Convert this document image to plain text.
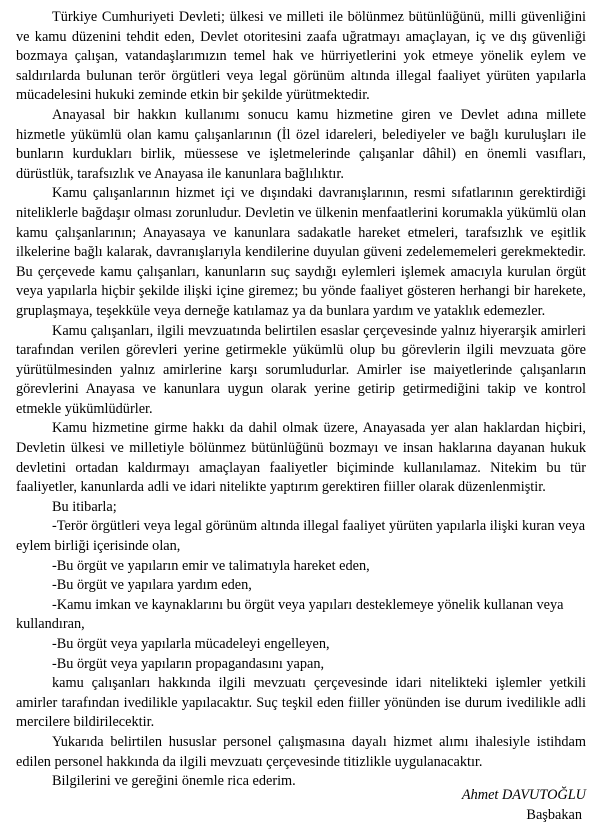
Türkiye Cumhuriyeti Devleti; ülkesi ve milleti ile bölünmez bütünlüğünü, milli güvenliğini ve kamu düzenini tehdit eden, Devlet otoritesini zaafa uğratmayı amaçlayan, iç ve dış güvenliği bozmaya çalışan, vatandaşlarımızın temel hak ve hürriyetlerini yok etmeye yönelik eylem ve saldırılarda bulunan terör örgütleri veya legal görünüm altında illegal faaliyet yürüten yapılarla mücadelesini hukuki zeminde etkin bir şekilde yürütmektedir.

Anayasal bir hakkın kullanımı sonucu kamu hizmetine giren ve Devlet adına millete hizmetle yükümlü olan kamu çalışanlarının (İl özel idareleri, belediyeler ve bağlı kuruluşları ile bunların kurdukları birlik, müessese ve işletmelerinde çalışanlar dâhil) en önemli vasıfları, dürüstlük, tarafsızlık ve Anayasa ile kanunlara bağlılıktır.

Kamu çalışanlarının hizmet içi ve dışındaki davranışlarının, resmi sıfatlarının gerektirdiği niteliklerle bağdaşır olması zorunludur. Devletin ve ülkenin menfaatlerini korumakla yükümlü olan kamu çalışanlarının; Anayasaya ve kanunlara sadakatle hareket etmeleri, tarafsızlık ve eşitlik ilkelerine bağlı kalarak, davranışlarıyla kendilerine duyulan güveni zedelememeleri gerekmektedir. Bu çerçevede kamu çalışanları, kanunların suç saydığı eylemleri işlemek amacıyla kurulan örgüt veya yapılarla hiçbir şekilde ilişki içine giremez; bu yönde faaliyet gösteren herhangi bir harekete, gruplaşmaya, teşekküle veya derneğe katılamaz ya da bunlara yardım ve yataklık edemezler.

Kamu çalışanları, ilgili mevzuatında belirtilen esaslar çerçevesinde yalnız hiyerarşik amirleri tarafından verilen görevleri yerine getirmekle yükümlü olup bu görevlerin ilgili mevzuata göre yürütülmesinden yalnız amirlerine karşı sorumludurlar. Amirler ise maiyetlerinde çalışanların görevlerini Anayasa ve kanunlara uygun olarak yerine getirip getirmediğini takip ve kontrol etmekle yükümlüdürler.

Kamu hizmetine girme hakkı da dahil olmak üzere, Anayasada yer alan haklardan hiçbiri, Devletin ülkesi ve milletiyle bölünmez bütünlüğünü bozmayı ve insan haklarına dayanan hukuk devletini ortadan kaldırmayı amaçlayan faaliyetler biçiminde kullanılamaz. Nitekim bu tür faaliyetler, kanunlarda adli ve idari nitelikte yaptırım gerektiren fiiller olarak düzenlenmiştir.

Bu itibarla;

-Terör örgütleri veya legal görünüm altında illegal faaliyet yürüten yapılarla ilişki kuran veya eylem birliği içerisinde olan,

-Bu örgüt ve yapıların emir ve talimatıyla hareket eden,

-Bu örgüt ve yapılara yardım eden,

-Kamu imkan ve kaynaklarını bu örgüt veya yapıları desteklemeye yönelik kullanan veya kullandıran,

-Bu örgüt veya yapılarla mücadeleyi engelleyen,

-Bu örgüt veya yapıların propagandasını yapan,

kamu çalışanları hakkında ilgili mevzuatı çerçevesinde idari nitelikteki işlemler yetkili amirler tarafından ivedilikle yapılacaktır. Suç teşkil eden fiiller yönünden ise durum ivedilikle adli mercilere bildirilecektir.

Yukarıda belirtilen hususlar personel çalışmasına dayalı hizmet alımı ihalesiyle istihdam edilen personel hakkında da ilgili mevzuatı çerçevesinde titizlikle uygulanacaktır.

Bilgilerini ve gereğini önemle rica ederim.

Ahmet DAVUTOĞLU
Başbakan
